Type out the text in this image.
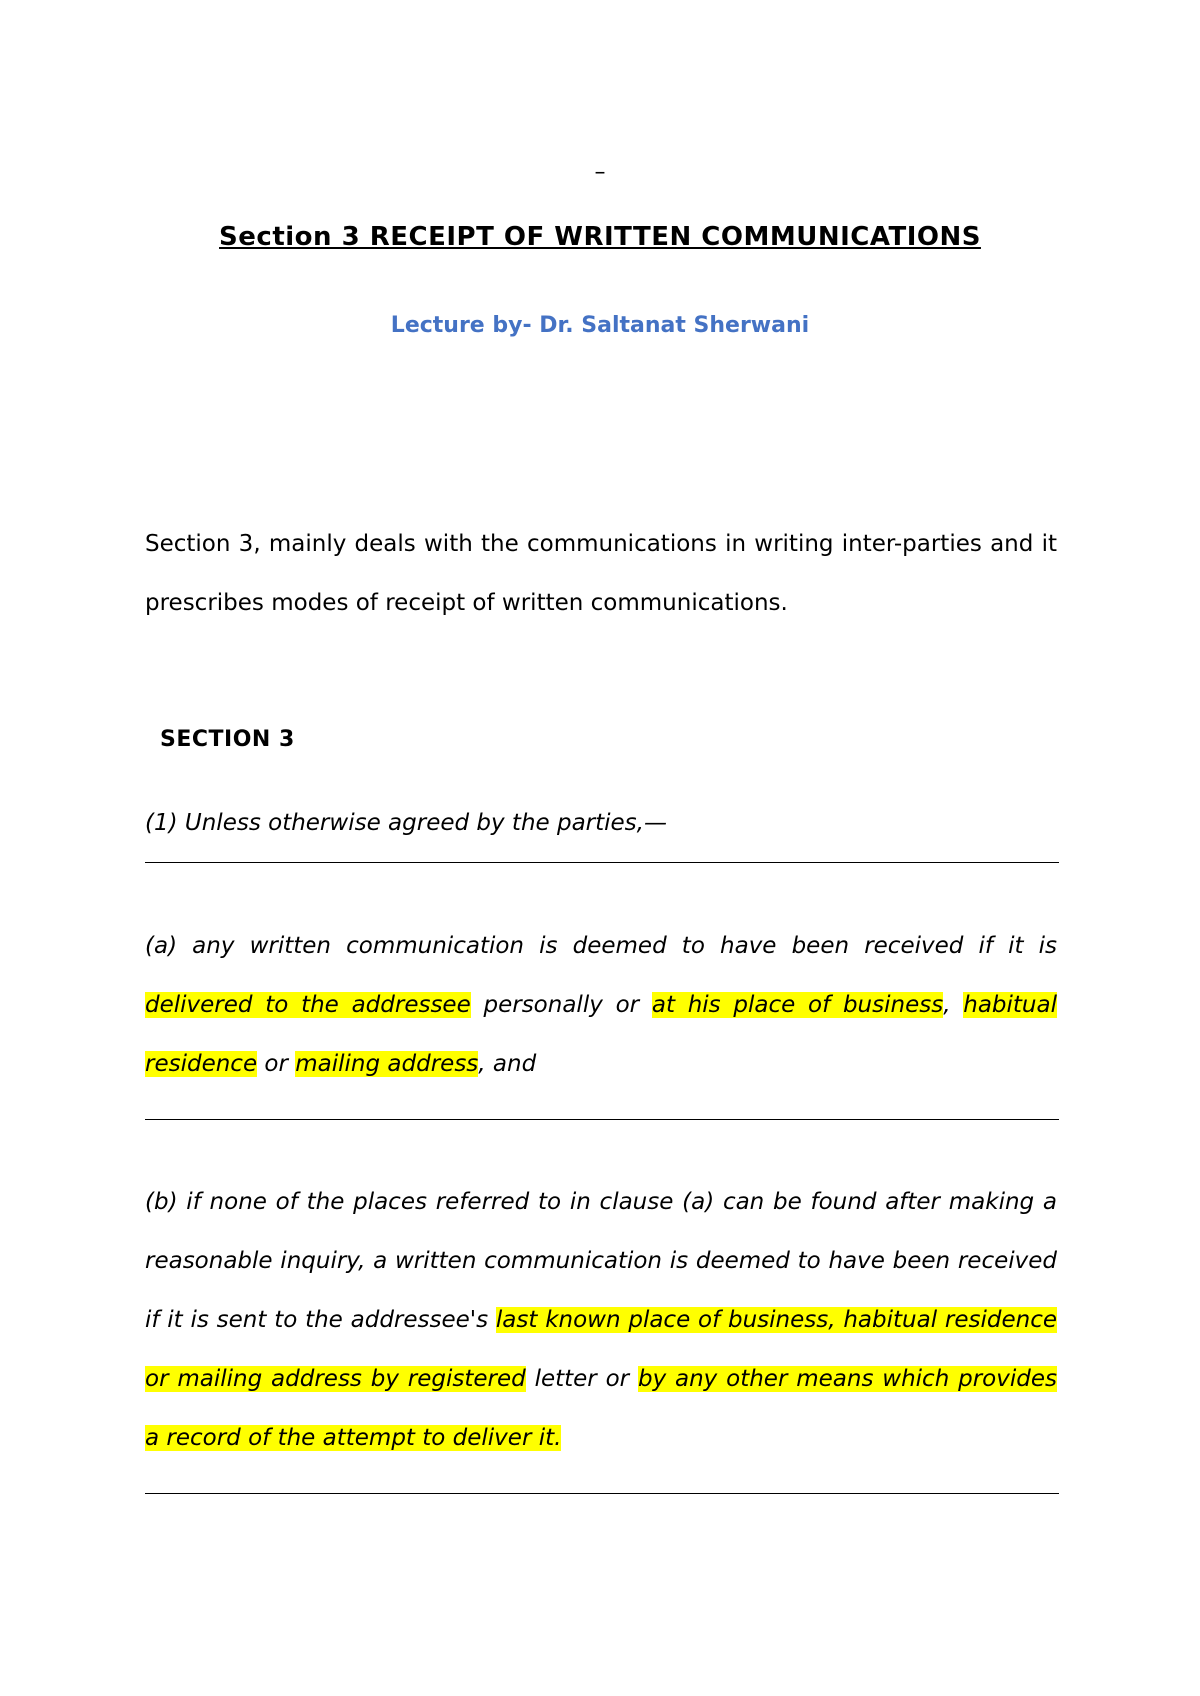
–
Section 3 RECEIPT OF WRITTEN COMMUNICATIONS
Lecture by- Dr. Saltanat Sherwani
Section 3, mainly deals with the communications in writing inter-parties and it prescribes modes of receipt of written communications.
SECTION 3
(1) Unless otherwise agreed by the parties,—
(a) any written communication is deemed to have been received if it is delivered to the addressee personally or at his place of business, habitual residence or mailing address, and
(b) if none of the places referred to in clause (a) can be found after making a reasonable inquiry, a written communication is deemed to have been received if it is sent to the addressee's last known place of business, habitual residence or mailing address by registered letter or by any other means which provides a record of the attempt to deliver it.
